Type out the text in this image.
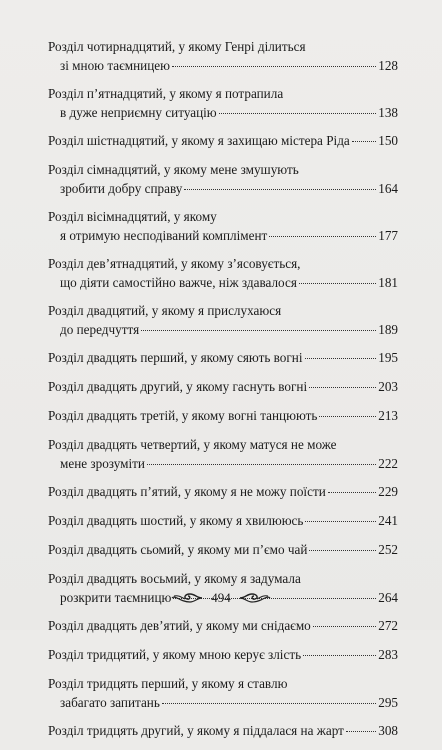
Розділ чотирнадцятий, у якому Генрі ділиться
зі мною таємницею	128
Розділ п’ятнадцятий, у якому я потрапила
в дуже неприємну ситуацію	138
Розділ шістнадцятий, у якому я захищаю містера Ріда 150
Розділ сімнадцятий, у якому мене змушують
зробити добру справу	164
Розділ вісімнадцятий, у якому
я отримую несподіваний комплімент	177
Розділ дев’ятнадцятий, у якому з’ясовується,
що діяти самостійно важче, ніж здавалося	181
Розділ двадцятий, у якому я прислухаюся
до передчуття	189
Розділ двадцять перший, у якому сяють вогні	195
Розділ двадцять другий, у якому гаснуть вогні	203
Розділ двадцять третій, у якому вогні танцюють	213
Розділ двадцять четвертий, у якому матуся не може
мене зрозуміти	222
Розділ двадцять п’ятий, у якому я не можу поїсти	229
Розділ двадцять шостий, у якому я хвилююсь	241
Розділ двадцять сьомий, у якому ми п’ємо чай	252
Розділ двадцять восьмий, у якому я задумала
розкрити таємницю	264
Розділ двадцять дев’ятий, у якому ми снідаємо	272
Розділ тридцятий, у якому мною керує злість	283
Розділ тридцять перший, у якому я ставлю
забагато запитань	295
Розділ тридцять другий, у якому я піддалася на жарт	308
494
